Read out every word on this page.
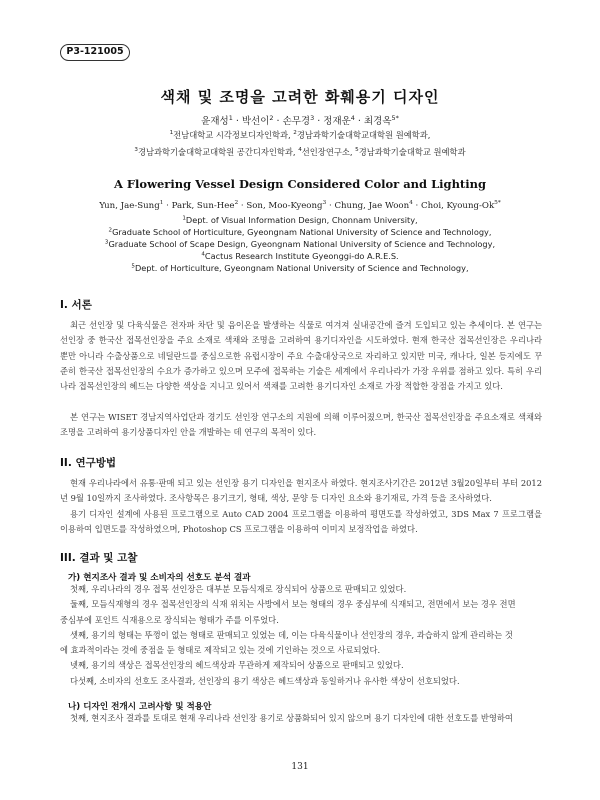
P3-121005
색채 및 조명을 고려한 화훼용기 디자인
윤재성$^1$ · 박선이$^2$ · 손무경$^3$ · 정재운$^4$ · 최경옥$^{5*}$
$^1$전남대학교 시각정보디자인학과, $^2$경남과학기술대학교대학원 원예학과,
$^3$경남과학기술대학교대학원 공간디자인학과, $^4$선인장연구소, $^5$경남과학기술대학교 원예학과
A Flowering Vessel Design Considered Color and Lighting
Yun, Jae-Sung$^1$ · Park, Sun-Hee$^2$ · Son, Moo-Kyeong$^3$ · Chung, Jae Woon$^4$ · Choi, Kyoung-$Ok^{5*}$
$^1$Dept. of Visual Information Design, Chonnam University,
$^2$Graduate School of Horticulture, Gyeongnam National University of Science and Technology,
$^3$Graduate School of Scape Design, Gyeongnam National University of Science and Technology,
$^4$Cactus Research Institute Gyeonggi-do A.R.E.S.
$^5$Dept. of Horticulture, Gyeongnam National University of Science and Technology,
I. 서론

최근 선인장 및 다육식물은 전자파 차단 및 음이온을 발생하는 식물로 여겨져 실내공간에 즐겨 도입되고 있는 추세이다. 본 연구는 선인장 중 한국산 접목선인장을 주요 소재로 색채와 조명을 고려하여 용기디자인을 시도하였다. 현재 한국산 접목선인장은 우리나라 뿐만 아니라 수출상품으로 네덜란드를 중심으로한 유럽시장이 주요 수출대상국으로 자리하고 있지만 미국, 캐나다, 일본 등지에도 꾸준히 한국산 접목선인장의 수요가 증가하고 있으며 모주에 접목하는 기술은 세계에서 우리나라가 가장 우위를 점하고 있다. 특히 우리나라 접목선인장의 헤드는 다양한 색상을 지니고 있어서 색채를 고려한 용기디자인 소재로 가장 적합한 장점을 가지고 있다.

본 연구는 WISET 경남지역사업단과 경기도 선인장 연구소의 지원에 의해 이루어졌으며, 한국산 접목선인장을 주요소재로 색채와 조명을 고려하여 용기상품디자인 안을 개발하는 데 연구의 목적이 있다.

II. 연구방법

현재 우리나라에서 유통·판매 되고 있는 선인장 용기 디자인을 현지조사 하였다. 현지조사기간은 2012년 3월20일부터 부터 2012년 9월 10일까지 조사하였다. 조사항목은 용기크기, 형태, 색상, 문양 등 디자인 요소와 용기재료, 가격 등을 조사하였다.

용기 디자인 설계에 사용된 프로그램으로 Auto CAD 2004 프로그램을 이용하여 평면도를 작성하였고, 3DS Max 7 프로그램을 이용하여 입면도를 작성하였으며, Photoshop CS 프로그램을 이용하여 이미지 보정작업을 하였다.

III. 결과 및 고찰
가) 현지조사 결과 및 소비자의 선호도 분석 결과
첫째, 우리나라의 경우 접목 선인장은 대부분 모듬식재로 장식되어 상품으로 판매되고 있었다.
둘째, 모듬식재형의 경우 접목선인장의 식재 위치는 사방에서 보는 형태의 경우 중심부에 식재되고, 전면에서 보는 경우 전면
중심부에 포인트 식재용으로 장식되는 형태가 주를 이루었다.
셋째, 용기의 형태는 뚜껑이 없는 형태로 판매되고 있었는 데, 이는 다육식물이나 선인장의 경우, 과습하지 않게 관리하는 것
에 효과적이라는 것에 중점을 둔 형태로 제작되고 있는 것에 기인하는 것으로 사료되었다.
넷째, 용기의 색상은 접목선인장의 헤드색상과 무관하게 제작되어 상품으로 판매되고 있었다.
다섯째, 소비자의 선호도 조사결과, 선인장의 용기 색상은 헤드색상과 동일하거나 유사한 색상이 선호되었다.
나) 디자인 전개시 고려사항 및 적용안
첫째, 현지조사 결과를 토대로 현재 우리나라 선인장 용기로 상품화되어 있지 않으며 용기 디자인에 대한 선호도를 반영하여
131
